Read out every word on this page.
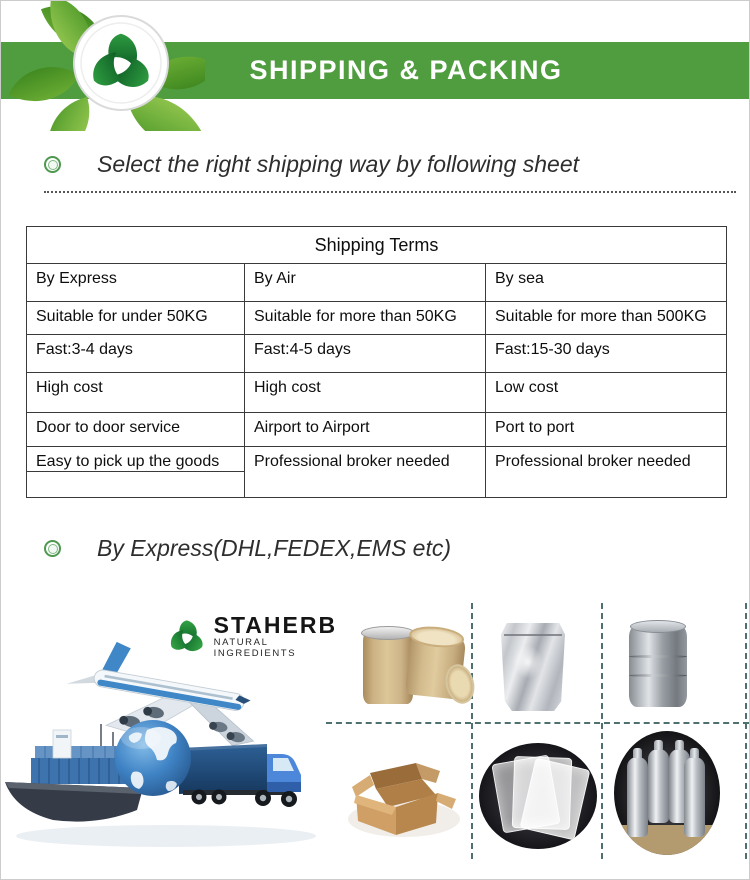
SHIPPING & PACKING
Select the right shipping way by following sheet
Shipping Terms		
By Express	By Air	By sea
Suitable for under 50KG	Suitable for more than 50KG	Suitable for more than 500KG
Fast:3-4 days	Fast:4-5 days	Fast:15-30 days
High cost	High cost	Low cost
Door to door service	Airport to Airport	Port to port
Easy to pick up the goods	Professional broker needed	Professional broker needed

By Express(DHL,FEDEX,EMS etc)
STAHERB
NATURAL INGREDIENTS
